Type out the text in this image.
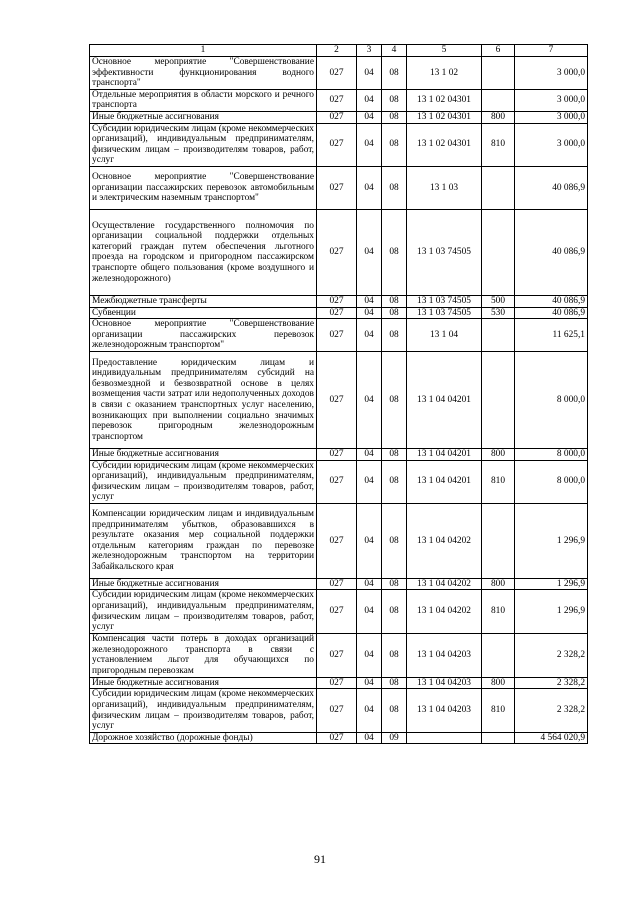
1	2	3	4	5	6	7
Основное мероприятие "Совершенствование эффективности функционирования водного транспорта"	027	04	08	13 1 02		3 000,0
Отдельные мероприятия в области морского и речного транспорта	027	04	08	13 1 02 04301		3 000,0
Иные бюджетные ассигнования	027	04	08	13 1 02 04301	800	3 000,0
Субсидии юридическим лицам (кроме некоммерческих организаций), индивидуальным предпринимателям, физическим лицам – производителям товаров, работ, услуг	027	04	08	13 1 02 04301	810	3 000,0
Основное мероприятие "Совершенствование организации пассажирских перевозок автомобильным и электрическим наземным транспортом"	027	04	08	13 1 03		40 086,9
Осуществление государственного полномочия по организации социальной поддержки отдельных категорий граждан путем обеспечения льготного проезда на городском и пригородном пассажирском транспорте общего пользования (кроме воздушного и железнодорожного)	027	04	08	13 1 03 74505		40 086,9
Межбюджетные трансферты	027	04	08	13 1 03 74505	500	40 086,9
Субвенции	027	04	08	13 1 03 74505	530	40 086,9
Основное мероприятие "Совершенствование организации пассажирских перевозок железнодорожным транспортом"	027	04	08	13 1 04		11 625,1
Предоставление юридическим лицам и индивидуальным предпринимателям субсидий на безвозмездной и безвозвратной основе в целях возмещения части затрат или недополученных доходов в связи с оказанием транспортных услуг населению, возникающих при выполнении социально значимых перевозок пригородным железнодорожным транспортом	027	04	08	13 1 04 04201		8 000,0
Иные бюджетные ассигнования	027	04	08	13 1 04 04201	800	8 000,0
Субсидии юридическим лицам (кроме некоммерческих организаций), индивидуальным предпринимателям, физическим лицам – производителям товаров, работ, услуг	027	04	08	13 1 04 04201	810	8 000,0
Компенсации юридическим лицам и индивидуальным предпринимателям убытков, образовавшихся в результате оказания мер социальной поддержки отдельным категориям граждан по перевозке железнодорожным транспортом на территории Забайкальского края	027	04	08	13 1 04 04202		1 296,9
Иные бюджетные ассигнования	027	04	08	13 1 04 04202	800	1 296,9
Субсидии юридическим лицам (кроме некоммерческих организаций), индивидуальным предпринимателям, физическим лицам – производителям товаров, работ, услуг	027	04	08	13 1 04 04202	810	1 296,9
Компенсация части потерь в доходах организаций железнодорожного транспорта в связи с установлением льгот для обучающихся по пригородным перевозкам	027	04	08	13 1 04 04203		2 328,2
Иные бюджетные ассигнования	027	04	08	13 1 04 04203	800	2 328,2
Субсидии юридическим лицам (кроме некоммерческих организаций), индивидуальным предпринимателям, физическим лицам – производителям товаров, работ, услуг	027	04	08	13 1 04 04203	810	2 328,2
Дорожное хозяйство (дорожные фонды)	027	04	09			4 564 020,9
91
